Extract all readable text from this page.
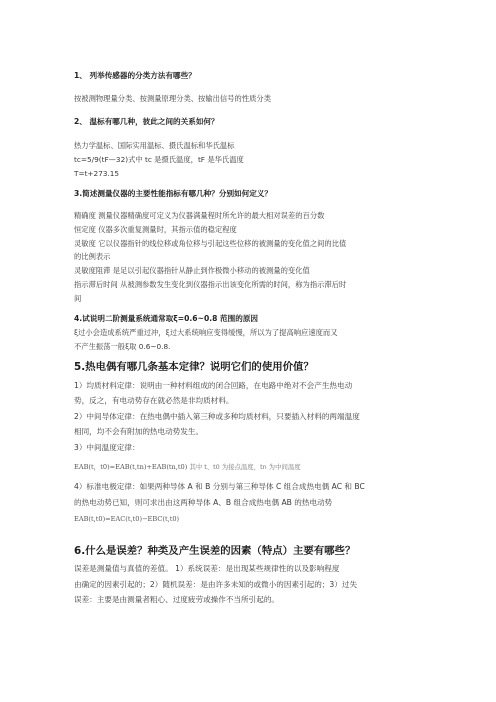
1、 列举传感器的分类方法有哪些？
按被测物理量分类、按测量原理分类、按输出信号的性质分类
2、 温标有哪几种，彼此之间的关系如何？
热力学温标、国际实用温标、摄氏温标和华氏温标
tc=5/9(tF—32)式中 tc 是摄氏温度，tF 是华氏温度
T=t+273.15
3.简述测量仪器的主要性能指标有哪几种？分别如何定义？
精确度 测量仪器精确度可定义为仪器满量程时所允许的最大相对误差的百分数
恒定度 仪器多次重复测量时，其指示值的稳定程度
灵敏度 它以仪器指针的线位移或角位移与引起这些位移的被测量的变化值之间的比值
的比例表示
灵敏度阻滞 是足以引起仪器指针从静止到作极微小移动的被测量的变化值
指示滞后时间 从被测参数发生变化到仪器指示出该变化所需的时间，称为指示滞后时
间
4.试说明二阶测量系统通常取ξ=0.6~0.8 范围的原因
ξ过小会造成系统严重过冲，ξ过大系统响应变得缓慢，所以为了提高响应速度而又
不产生振荡一般ξ取 0.6~0.8.
5.热电偶有哪几条基本定律？说明它们的使用价值？
1）均质材料定律：说明由一种材料组成的闭合回路，在电路中绝对不会产生热电动
势，反之，有电动势存在就必然是非均质材料。
2）中间导体定律：在热电偶中插入第三种或多种均质材料，只要插入材料的两端温度
相同，均不会有附加的热电动势发生。
3）中间温度定律：
EAB(t，t0)=EAB(t,tn)+EAB(tn,t0) 其中 t、t0 为接点温度，tn 为中间温度
4）标准电极定律：如果两种导体 A 和 B 分别与第三种导体 C 组合成热电偶 AC 和 BC
的热电动势已知，则可求出由这两种导体 A、B 组合成热电偶 AB 的热电动势
EAB(t,t0)=EAC(t,t0)−EBC(t,t0)
6.什么是误差？种类及产生误差的因素（特点）主要有哪些？
误差是测量值与真值的差值。 1）系统误差：是出现某些规律性的以及影响程度
由确定的因素引起的；2）随机误差：是由许多未知的或微小的因素引起的；3）过失
误差：主要是由测量者粗心、过度疲劳或操作不当所引起的。
